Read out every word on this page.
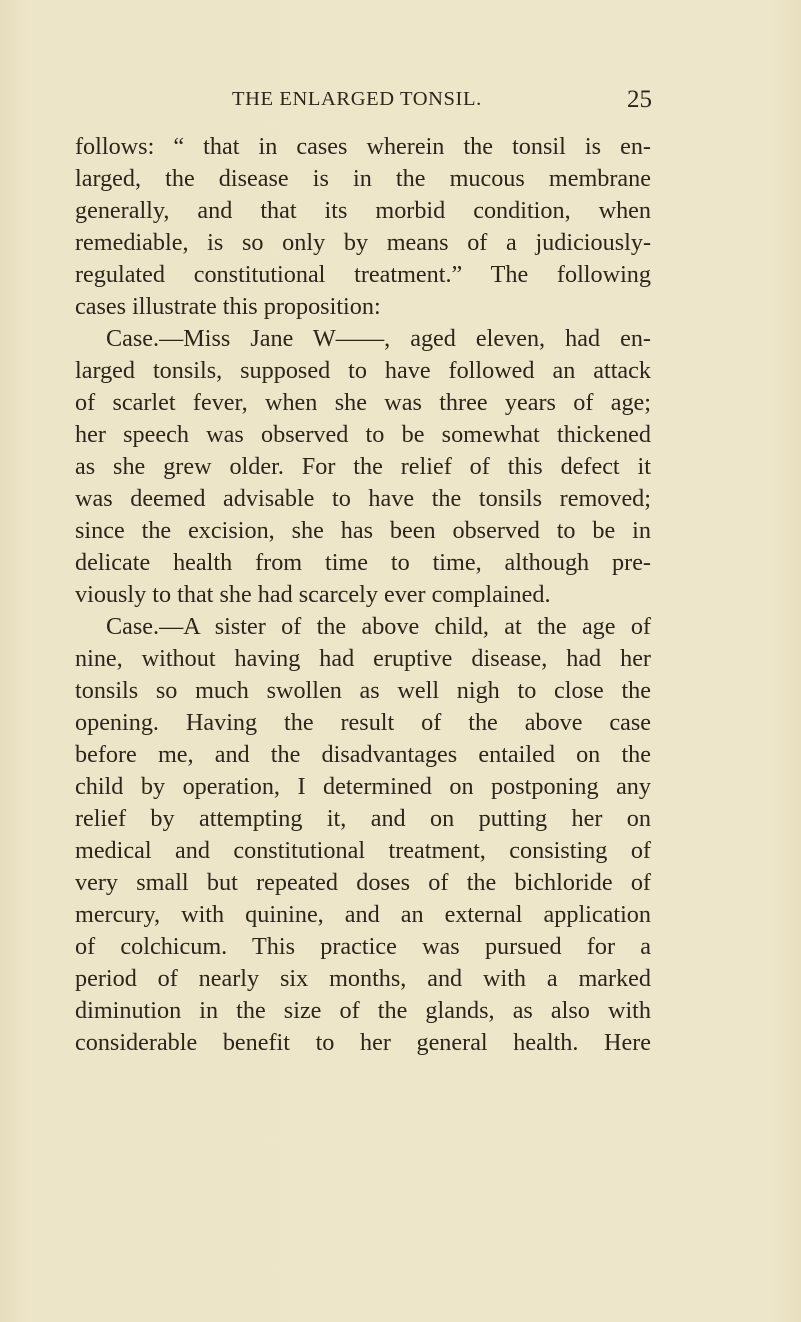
THE ENLARGED TONSIL.	25
follows: “ that in cases wherein the tonsil is en-
larged, the disease is in the mucous membrane
generally, and that its morbid condition, when
remediable, is so only by means of a judiciously-
regulated constitutional treatment.” The following
cases illustrate this proposition:
Case.—Miss Jane W——, aged eleven, had en-
larged tonsils, supposed to have followed an attack
of scarlet fever, when she was three years of age;
her speech was observed to be somewhat thickened
as she grew older. For the relief of this defect it
was deemed advisable to have the tonsils removed;
since the excision, she has been observed to be in
delicate health from time to time, although pre-
viously to that she had scarcely ever complained.
Case.—A sister of the above child, at the age of
nine, without having had eruptive disease, had her
tonsils so much swollen as well nigh to close the
opening. Having the result of the above case
before me, and the disadvantages entailed on the
child by operation, I determined on postponing any
relief by attempting it, and on putting her on
medical and constitutional treatment, consisting of
very small but repeated doses of the bichloride of
mercury, with quinine, and an external application
of colchicum. This practice was pursued for a
period of nearly six months, and with a marked
diminution in the size of the glands, as also with
considerable benefit to her general health. Here
